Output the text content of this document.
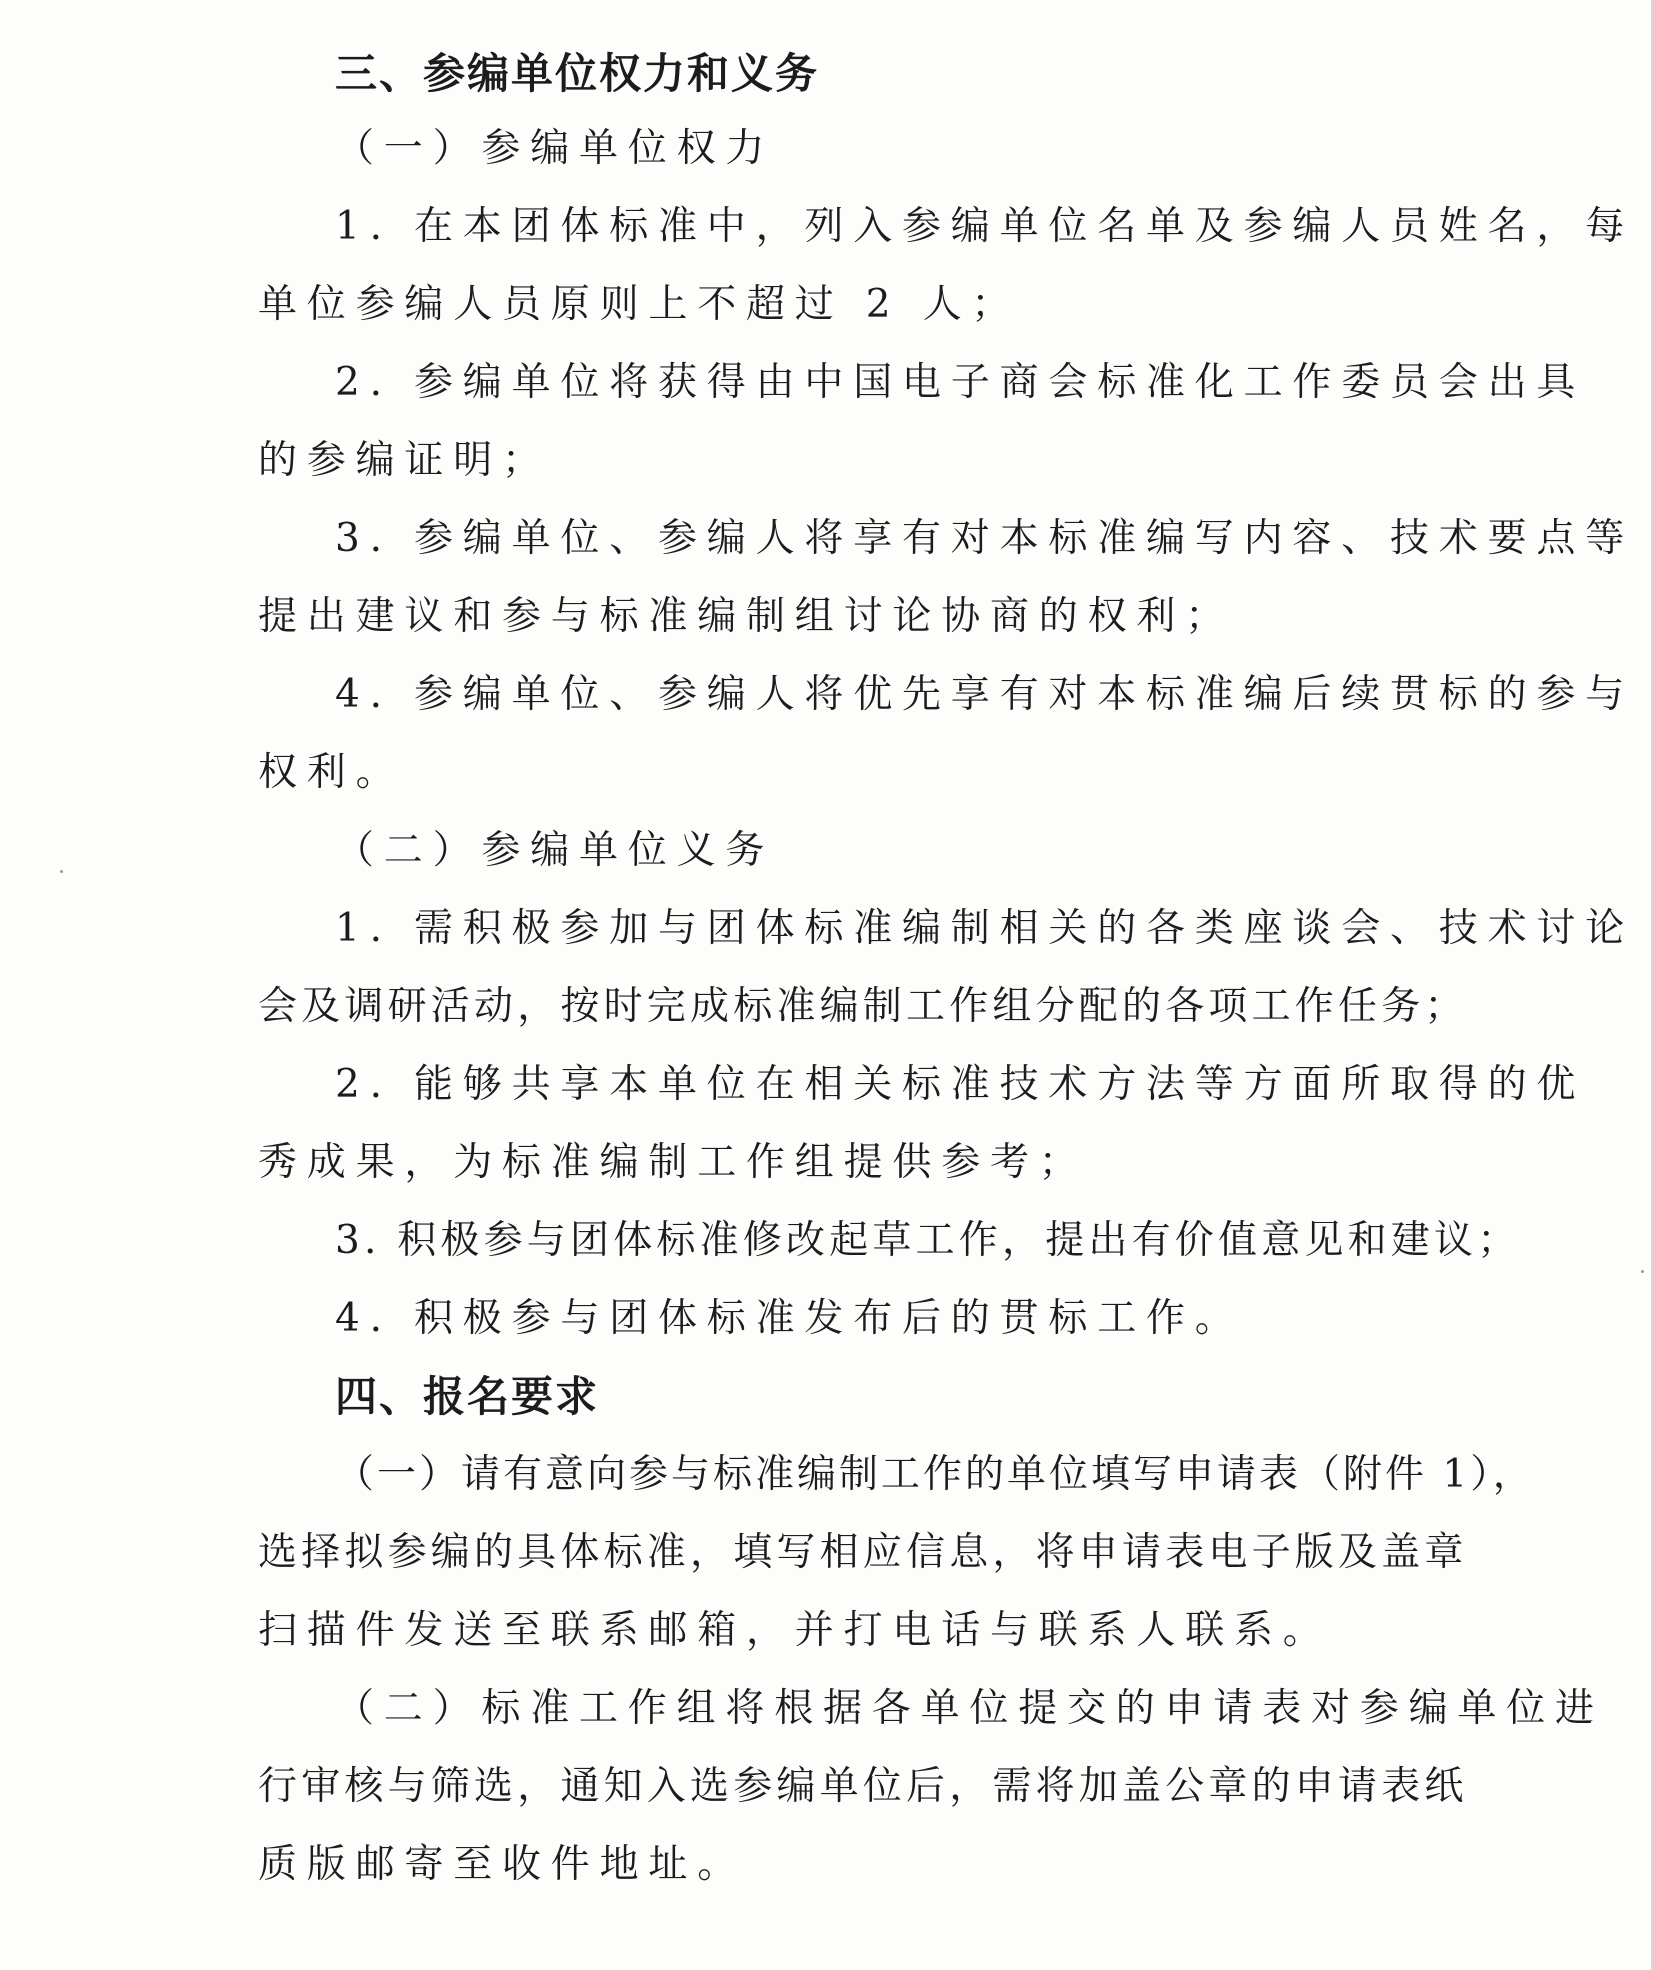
三、参编单位权力和义务
（一）参编单位权力
1. 在本团体标准中，列入参编单位名单及参编人员姓名，每
单位参编人员原则上不超过 2 人；
2. 参编单位将获得由中国电子商会标准化工作委员会出具
的参编证明；
3. 参编单位、参编人将享有对本标准编写内容、技术要点等
提出建议和参与标准编制组讨论协商的权利；
4. 参编单位、参编人将优先享有对本标准编后续贯标的参与
权利。
（二）参编单位义务
1. 需积极参加与团体标准编制相关的各类座谈会、技术讨论
会及调研活动，按时完成标准编制工作组分配的各项工作任务；
2. 能够共享本单位在相关标准技术方法等方面所取得的优
秀成果，为标准编制工作组提供参考；
3. 积极参与团体标准修改起草工作，提出有价值意见和建议；
4. 积极参与团体标准发布后的贯标工作。
四、报名要求
（一）请有意向参与标准编制工作的单位填写申请表（附件 1），
选择拟参编的具体标准，填写相应信息，将申请表电子版及盖章
扫描件发送至联系邮箱，并打电话与联系人联系。
（二）标准工作组将根据各单位提交的申请表对参编单位进
行审核与筛选，通知入选参编单位后，需将加盖公章的申请表纸
质版邮寄至收件地址。
